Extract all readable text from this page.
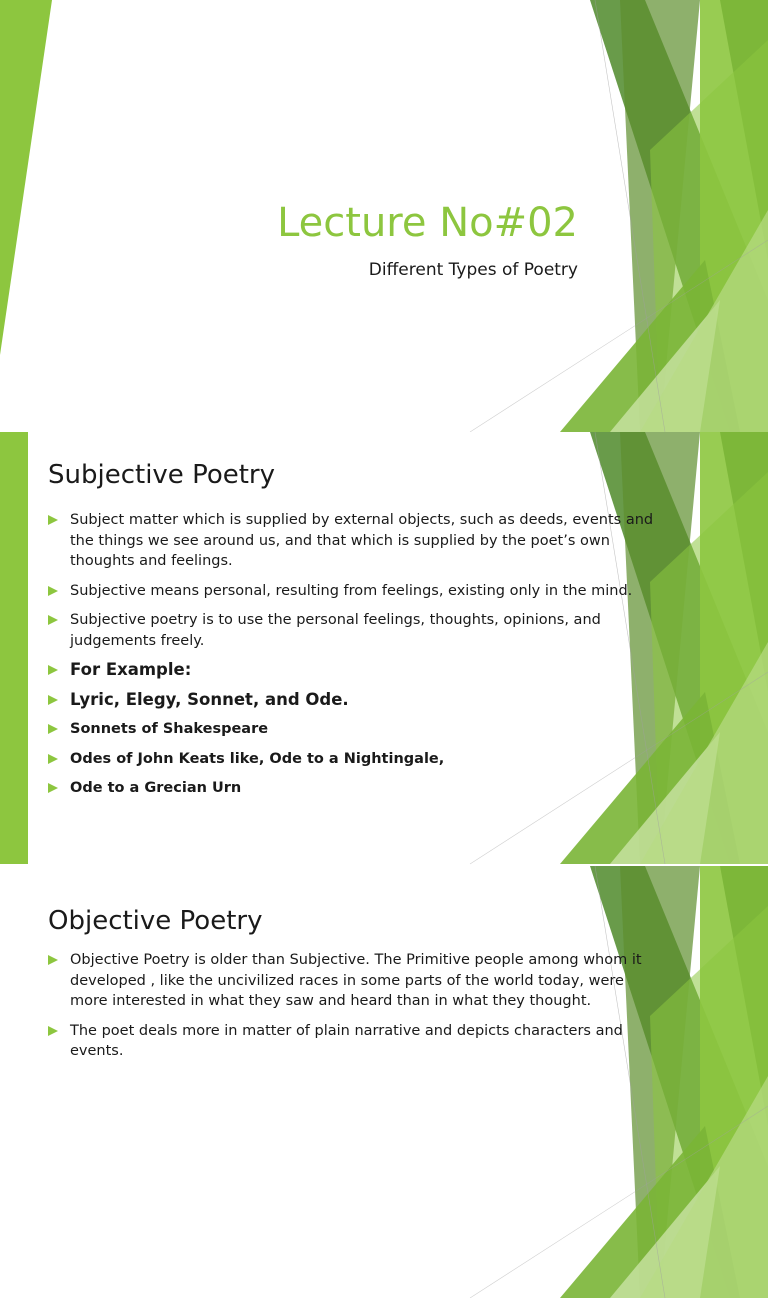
Lecture No#02
Different Types of Poetry
Subjective Poetry
Subject matter which is supplied by external objects, such as deeds, events and the things we see around us, and that which is supplied by the poet’s own thoughts and feelings.
Subjective means personal, resulting from feelings, existing only in the mind.
Subjective poetry is to use the personal feelings, thoughts, opinions, and judgements freely.
For Example:
Lyric, Elegy, Sonnet, and Ode.
Sonnets of Shakespeare
Odes of John Keats like, Ode to a Nightingale,
Ode to a Grecian Urn
Objective Poetry
Objective Poetry is older than Subjective. The Primitive people among whom it developed , like the uncivilized races in some parts of the world today, were more interested in what they saw and heard than in what they thought.
The poet deals more in matter of plain narrative and depicts characters and events.
